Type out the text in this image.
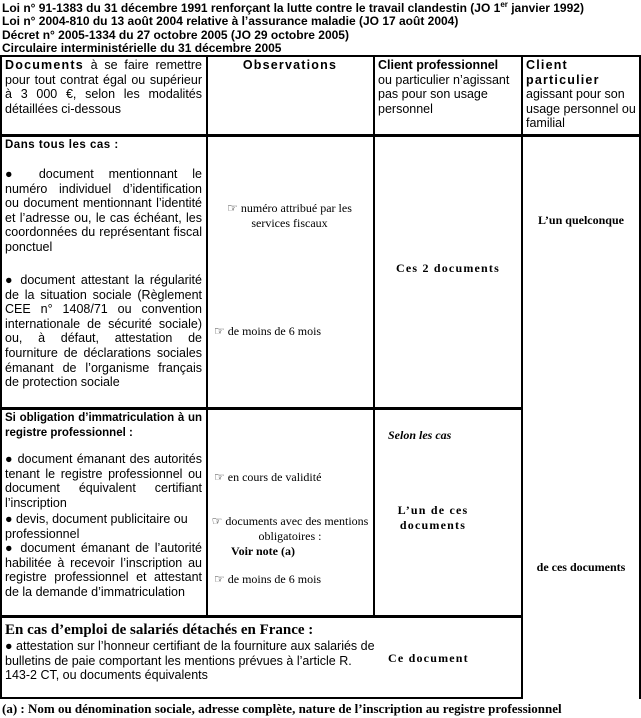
Loi n° 91-1383 du 31 décembre 1991 renforçant la lutte contre le travail clandestin (JO 1er janvier 1992)
Loi n° 2004-810 du 13 août 2004 relative à l’assurance maladie (JO 17 août 2004)
Décret n° 2005-1334 du 27 octobre 2005 (JO 29 octobre 2005)
Circulaire interministérielle du 31 décembre 2005
Documents à se faire remettre pour tout contrat égal ou supérieur à 3 000 €, selon les modalités détaillées ci-dessous
Observations	Client professionnel
ou particulier n’agissant pas pour son usage personnel
Client particulier
agissant pour son usage personnel ou familial
Dans tous les cas :
● document mentionnant le numéro individuel d’identification ou document mentionnant l’identité et l’adresse ou, le cas échéant, les coordonnées du représentant fiscal ponctuel
● document attestant la régularité de la situation sociale (Règlement CEE n° 1408/71 ou convention internationale de sécurité sociale) ou, à défaut, attestation de fourniture de déclarations sociales émanant de l’organisme français de protection sociale
☞ numéro attribué par les services fiscaux
☞ de moins de 6 mois
Ces 2 documents
L’un quelconque
Si obligation d’immatriculation à un registre professionnel :
● document émanant des autorités tenant le registre professionnel ou document équivalent certifiant l’inscription
● devis, document publicitaire ou professionnel
● document émanant de l’autorité habilitée à recevoir l’inscription au registre professionnel et attestant de la demande d’immatriculation
☞ en cours de validité
☞ documents avec des mentions obligatoires :
Voir note (a)
☞ de moins de 6 mois
Selon les cas
L’un de ces documents
de ces documents
En cas d’emploi de salariés détachés en France :
● attestation sur l’honneur certifiant de la fourniture aux salariés de bulletins de paie comportant les mentions prévues à l’article R. 143-2 CT, ou documents équivalents
Ce document
(a) : Nom ou dénomination sociale, adresse complète, nature de l’inscription au registre professionnel
